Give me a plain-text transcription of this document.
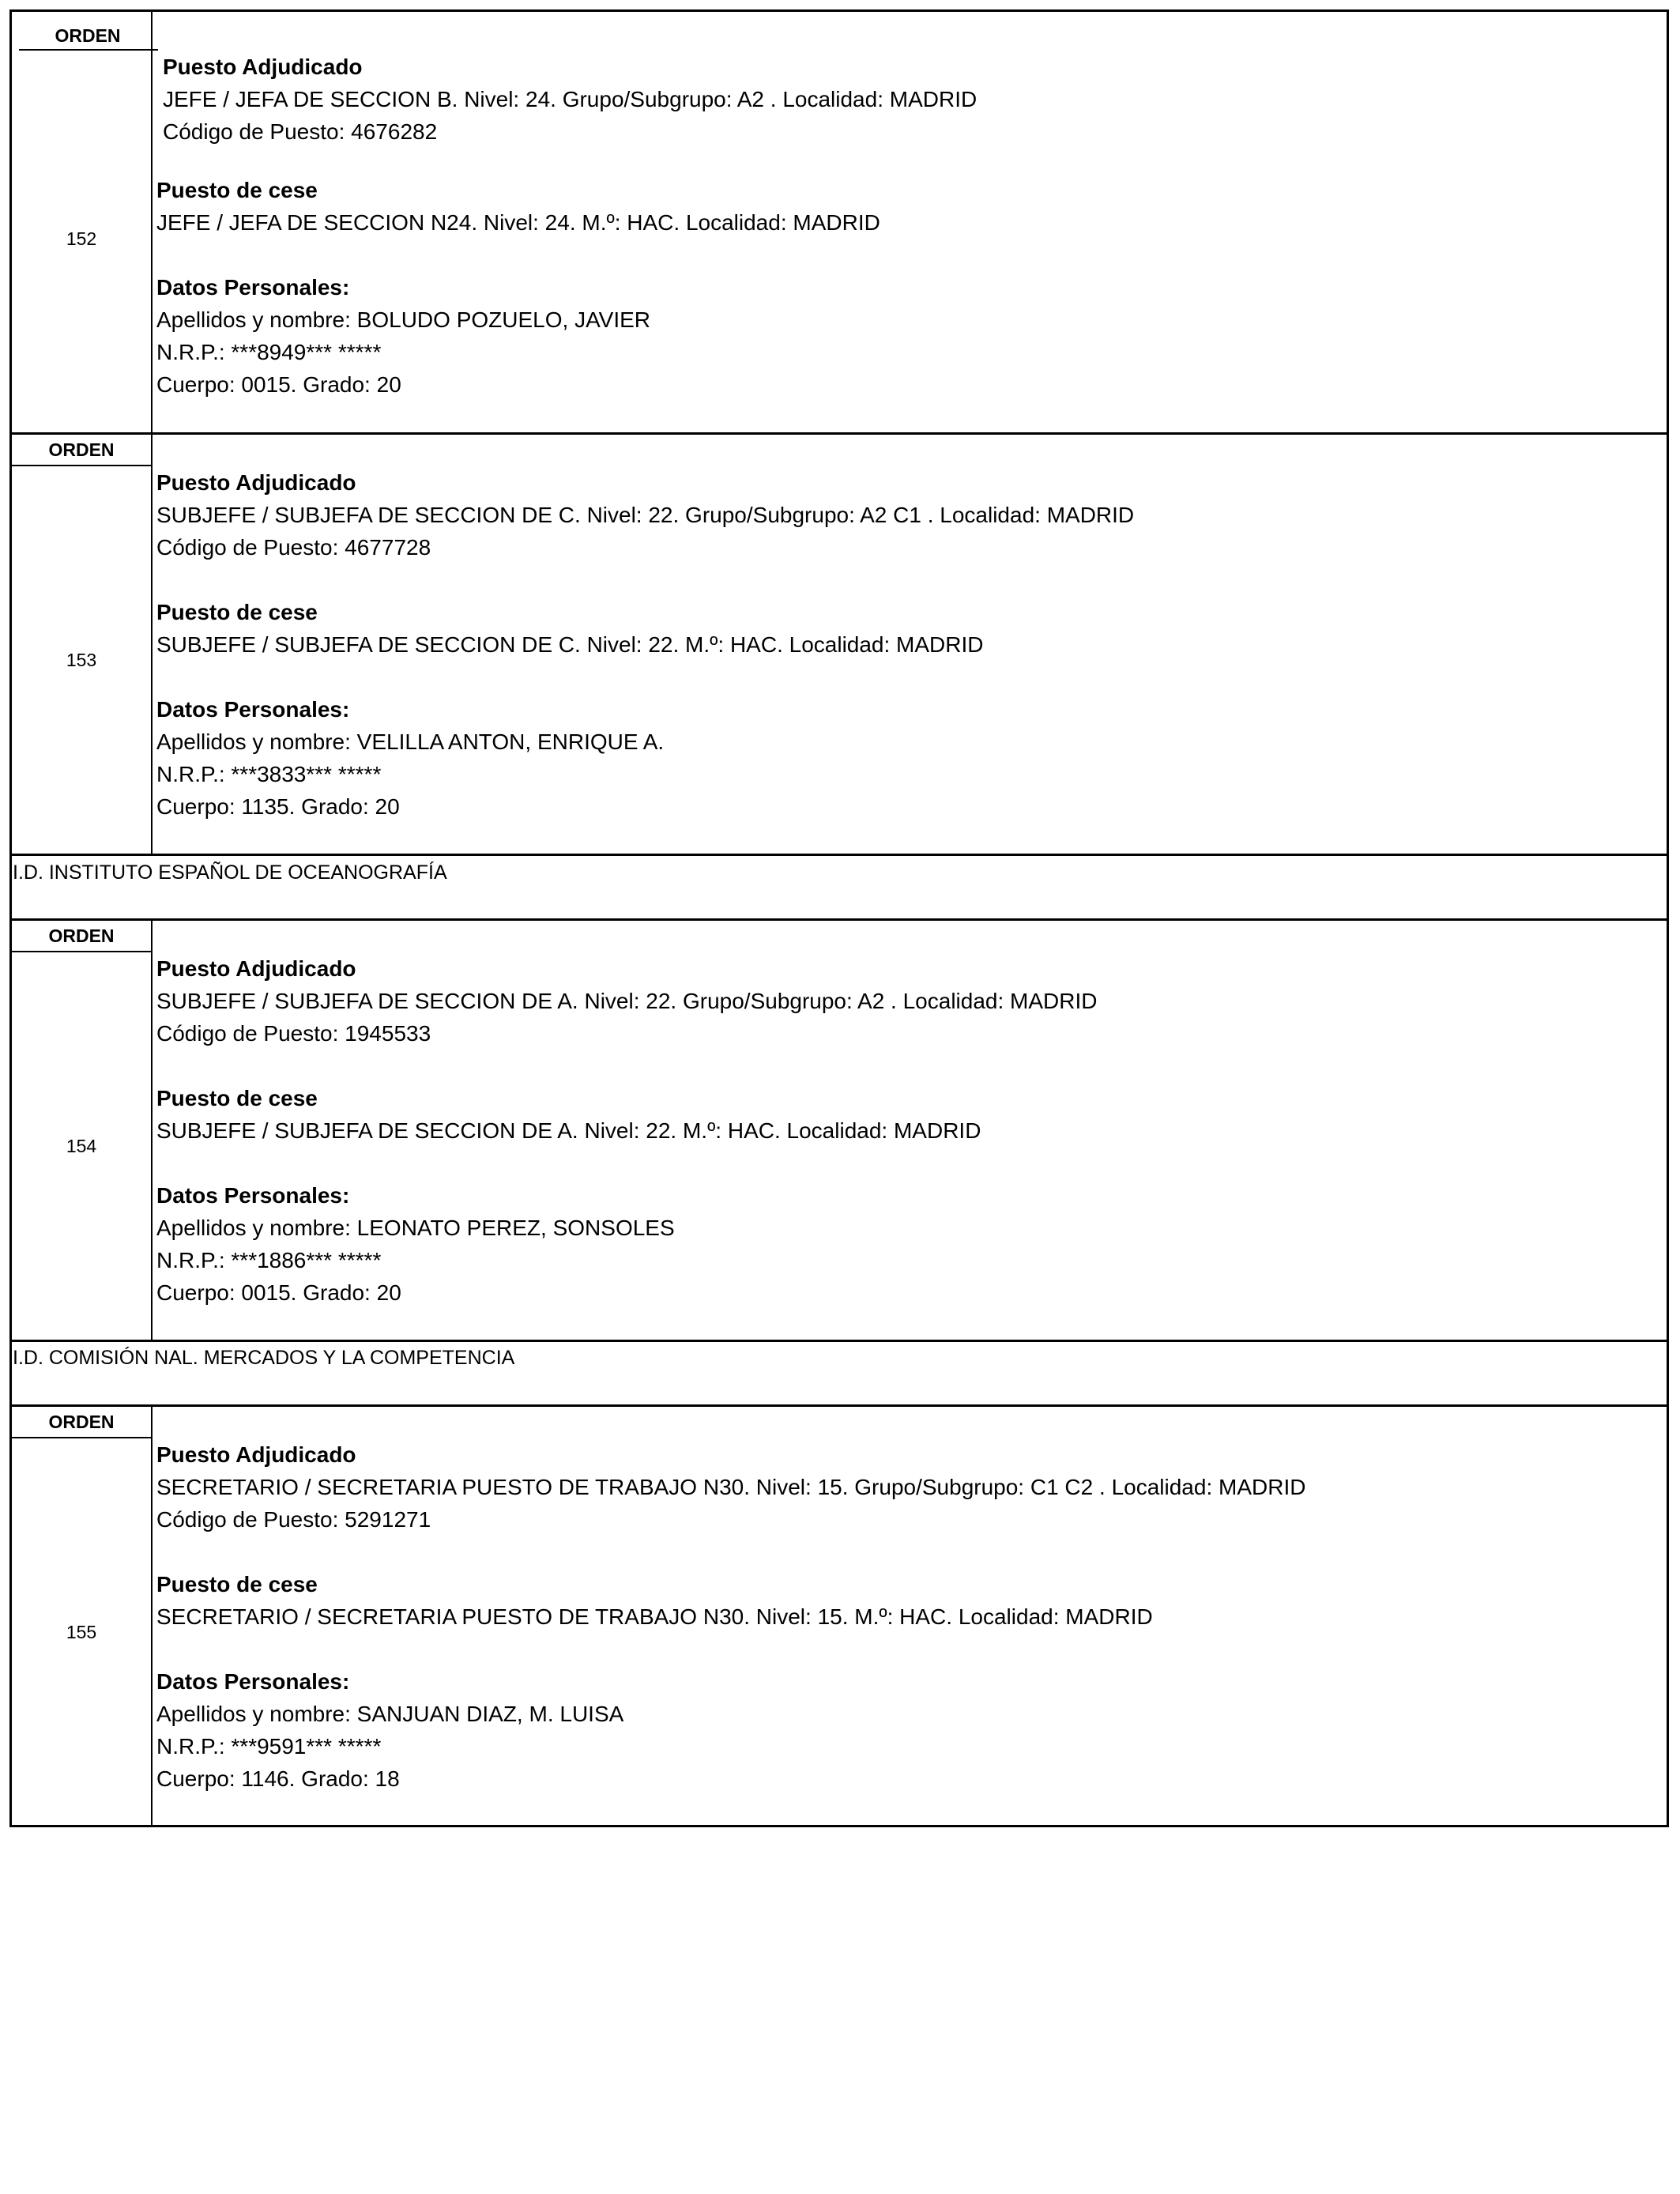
ORDEN
152
Puesto Adjudicado
JEFE / JEFA DE SECCION B. Nivel: 24. Grupo/Subgrupo: A2 . Localidad: MADRID
Código de Puesto: 4676282
Puesto de cese
JEFE / JEFA DE SECCION N24. Nivel: 24. M.º: HAC. Localidad: MADRID
Datos Personales:
Apellidos y nombre: BOLUDO POZUELO, JAVIER
N.R.P.: ***8949*** *****
Cuerpo: 0015. Grado: 20
ORDEN
153
Puesto Adjudicado
SUBJEFE / SUBJEFA DE SECCION DE C. Nivel: 22. Grupo/Subgrupo: A2 C1 . Localidad: MADRID
Código de Puesto: 4677728
Puesto de cese
SUBJEFE / SUBJEFA DE SECCION DE C. Nivel: 22. M.º: HAC. Localidad: MADRID
Datos Personales:
Apellidos y nombre: VELILLA ANTON, ENRIQUE A.
N.R.P.: ***3833*** *****
Cuerpo: 1135. Grado: 20
I.D. INSTITUTO ESPAÑOL DE OCEANOGRAFÍA
ORDEN
154
Puesto Adjudicado
SUBJEFE / SUBJEFA DE SECCION DE A. Nivel: 22. Grupo/Subgrupo: A2 . Localidad: MADRID
Código de Puesto: 1945533
Puesto de cese
SUBJEFE / SUBJEFA DE SECCION DE A. Nivel: 22. M.º: HAC. Localidad: MADRID
Datos Personales:
Apellidos y nombre: LEONATO PEREZ, SONSOLES
N.R.P.: ***1886*** *****
Cuerpo: 0015. Grado: 20
I.D. COMISIÓN NAL. MERCADOS Y LA COMPETENCIA
ORDEN
155
Puesto Adjudicado
SECRETARIO / SECRETARIA PUESTO DE TRABAJO N30. Nivel: 15. Grupo/Subgrupo: C1 C2 . Localidad: MADRID
Código de Puesto: 5291271
Puesto de cese
SECRETARIO / SECRETARIA PUESTO DE TRABAJO N30. Nivel: 15. M.º: HAC. Localidad: MADRID
Datos Personales:
Apellidos y nombre: SANJUAN DIAZ, M. LUISA
N.R.P.: ***9591*** *****
Cuerpo: 1146. Grado: 18
